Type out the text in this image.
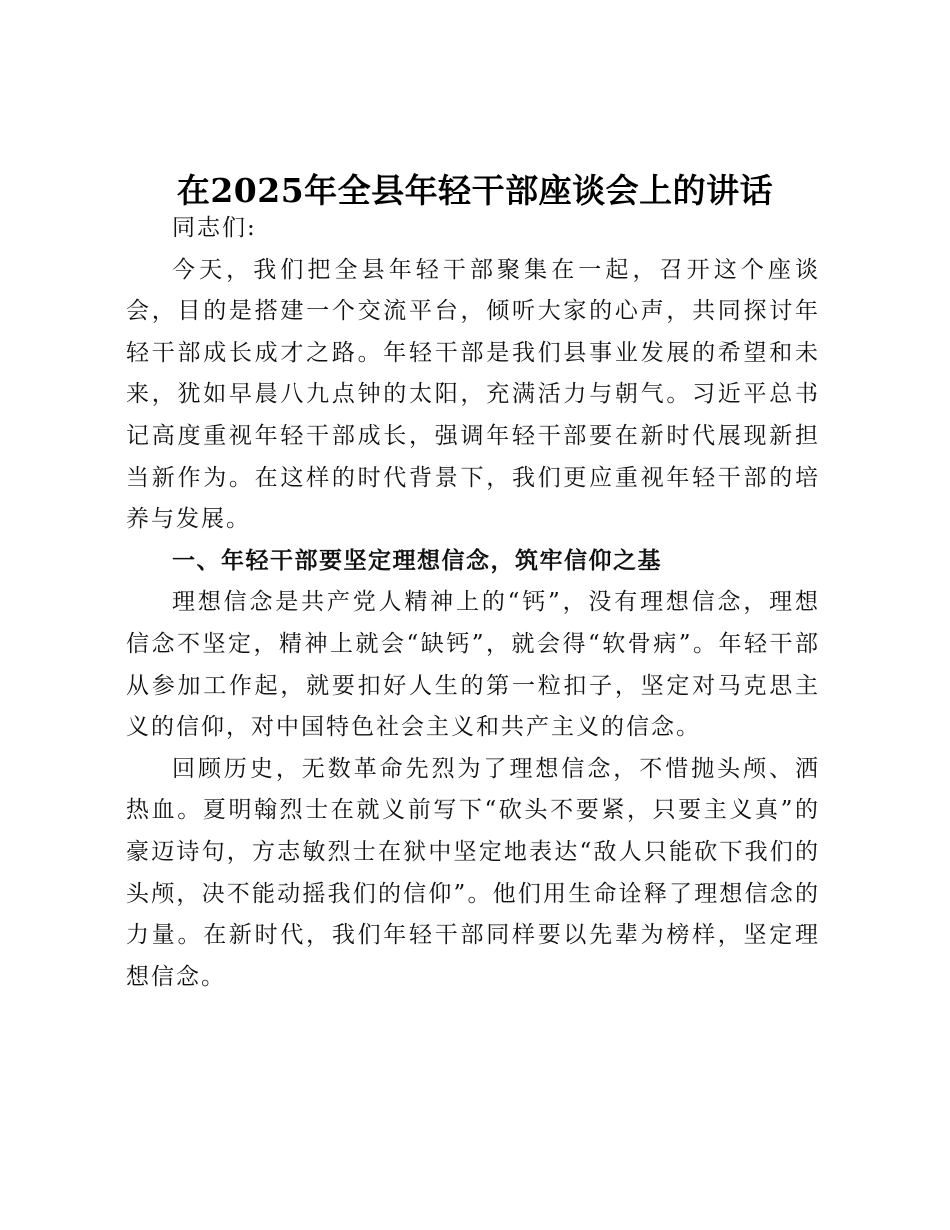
在2025年全县年轻干部座谈会上的讲话

同志们:

今天，我们把全县年轻干部聚集在一起，召开这个座谈会，目的是搭建一个交流平台，倾听大家的心声，共同探讨年轻干部成长成才之路。年轻干部是我们县事业发展的希望和未来，犹如早晨八九点钟的太阳，充满活力与朝气。习近平总书记高度重视年轻干部成长，强调年轻干部要在新时代展现新担当新作为。在这样的时代背景下，我们更应重视年轻干部的培养与发展。

一、年轻干部要坚定理想信念，筑牢信仰之基

理想信念是共产党人精神上的“钙”，没有理想信念，理想信念不坚定，精神上就会“缺钙”，就会得“软骨病”。年轻干部从参加工作起，就要扣好人生的第一粒扣子，坚定对马克思主义的信仰，对中国特色社会主义和共产主义的信念。

回顾历史，无数革命先烈为了理想信念，不惜抛头颅、洒热血。夏明翰烈士在就义前写下“砍头不要紧，只要主义真”的豪迈诗句，方志敏烈士在狱中坚定地表达“敌人只能砍下我们的头颅，决不能动摇我们的信仰”。他们用生命诠释了理想信念的力量。在新时代，我们年轻干部同样要以先辈为榜样，坚定理想信念。
